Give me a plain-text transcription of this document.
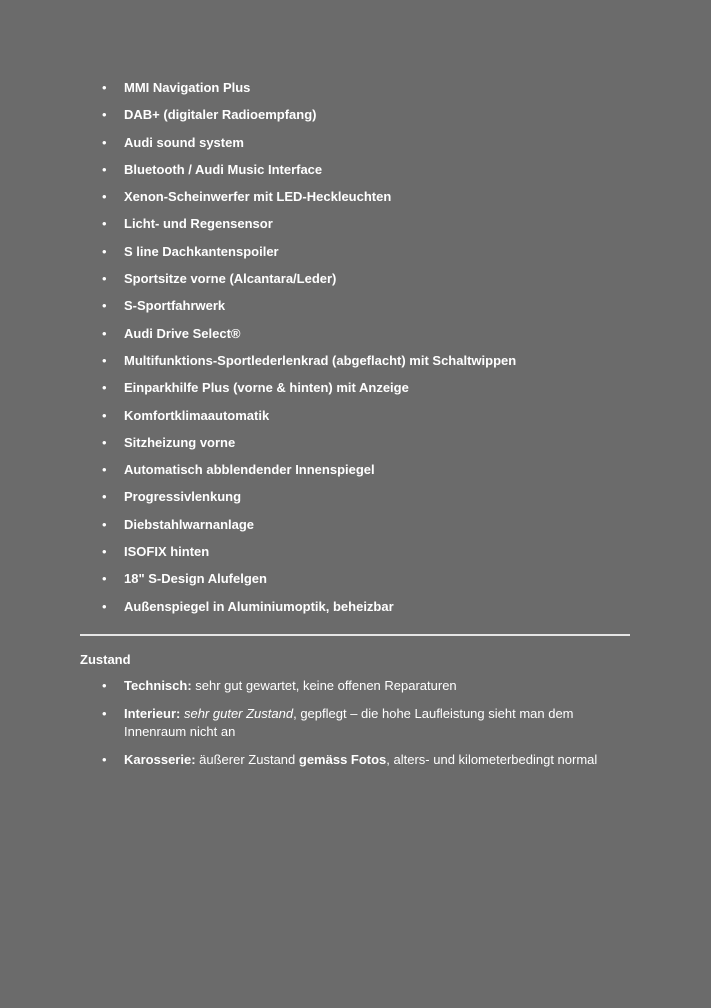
• MMI Navigation Plus
• DAB+ (digitaler Radioempfang)
• Audi sound system
• Bluetooth / Audi Music Interface
• Xenon-Scheinwerfer mit LED-Heckleuchten
• Licht- und Regensensor
• S line Dachkantenspoiler
• Sportsitze vorne (Alcantara/Leder)
• S-Sportfahrwerk
• Audi Drive Select®
• Multifunktions-Sportlederlenkrad (abgeflacht) mit Schaltwippen
• Einparkhilfe Plus (vorne & hinten) mit Anzeige
• Komfortklimaautomatik
• Sitzheizung vorne
• Automatisch abblendender Innenspiegel
• Progressivlenkung
• Diebstahlwarnanlage
• ISOFIX hinten
• 18" S-Design Alufelgen
• Außenspiegel in Aluminiumoptik, beheizbar
Zustand
• Technisch: sehr gut gewartet, keine offenen Reparaturen
• Interieur: sehr guter Zustand, gepflegt – die hohe Laufleistung sieht man dem Innenraum nicht an
• Karosserie: äußerer Zustand gemäss Fotos, alters- und kilometerbedingt normal
